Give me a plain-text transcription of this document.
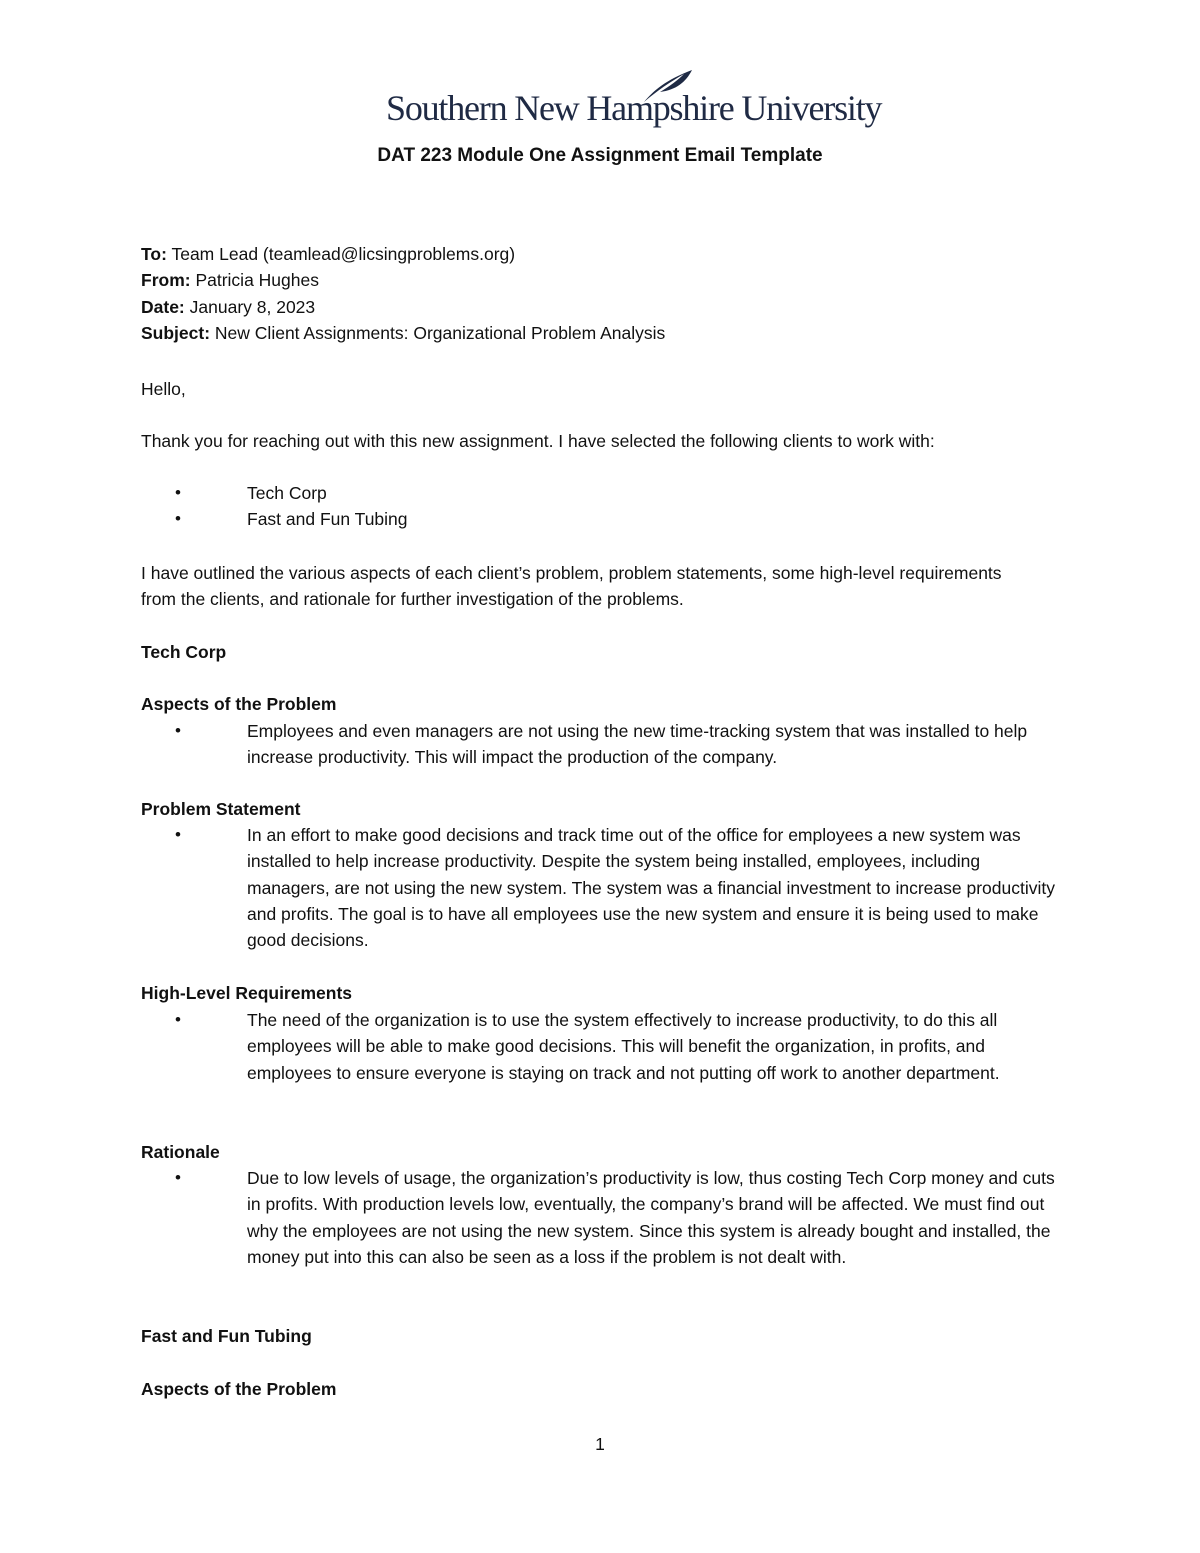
Southern New Hampshire University
DAT 223 Module One Assignment Email Template
To: Team Lead (teamlead@licsingproblems.org)
From: Patricia Hughes
Date: January 8, 2023
Subject: New Client Assignments: Organizational Problem Analysis
Hello,
Thank you for reaching out with this new assignment. I have selected the following clients to work with:
•	Tech Corp
•	Fast and Fun Tubing
I have outlined the various aspects of each client’s problem, problem statements, some high-level requirements from the clients, and rationale for further investigation of the problems.
Tech Corp
Aspects of the Problem
•	Employees and even managers are not using the new time-tracking system that was installed to help increase productivity. This will impact the production of the company.
Problem Statement
•	In an effort to make good decisions and track time out of the office for employees a new system was installed to help increase productivity. Despite the system being installed, employees, including managers, are not using the new system. The system was a financial investment to increase productivity and profits. The goal is to have all employees use the new system and ensure it is being used to make good decisions.
High-Level Requirements
•	The need of the organization is to use the system effectively to increase productivity, to do this all employees will be able to make good decisions. This will benefit the organization, in profits, and employees to ensure everyone is staying on track and not putting off work to another department.
Rationale
•	Due to low levels of usage, the organization’s productivity is low, thus costing Tech Corp money and cuts in profits. With production levels low, eventually, the company’s brand will be affected. We must find out why the employees are not using the new system. Since this system is already bought and installed, the money put into this can also be seen as a loss if the problem is not dealt with.
Fast and Fun Tubing
Aspects of the Problem
1
